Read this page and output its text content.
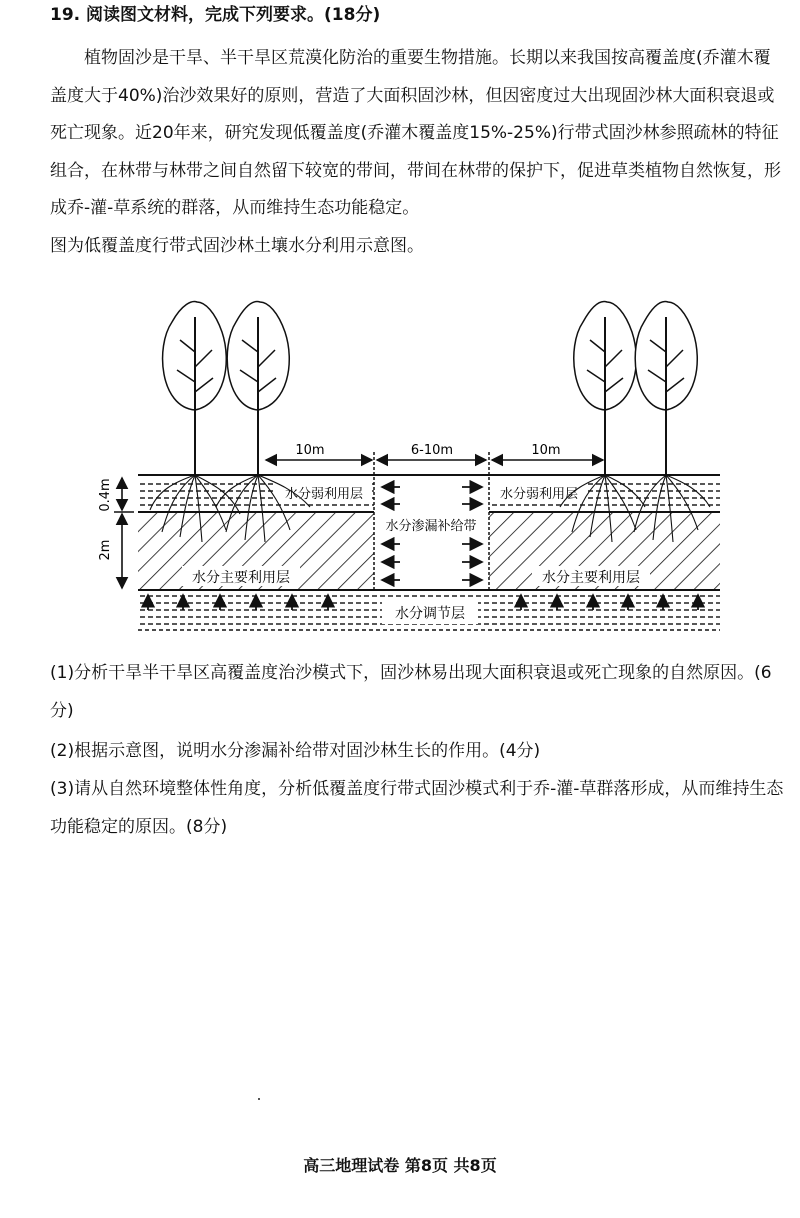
19. 阅读图文材料，完成下列要求。(18分)
植物固沙是干旱、半干旱区荒漠化防治的重要生物措施。长期以来我国按高覆盖度(乔灌木覆盖度大于40%)治沙效果好的原则，营造了大面积固沙林，但因密度过大出现固沙林大面积衰退或死亡现象。近20年来，研究发现低覆盖度(乔灌木覆盖度15%-25%)行带式固沙林参照疏林的特征组合，在林带与林带之间自然留下较宽的带间，带间在林带的保护下，促进草类植物自然恢复，形成乔-灌-草系统的群落，从而维持生态功能稳定。
图为低覆盖度行带式固沙林土壤水分利用示意图。
水分弱利用层	水分弱利用层
水分渗漏补给带
水分主要利用层	水分主要利用层
水分调节层
0.4m
2m
10m	6-10m	10m
(1)分析干旱半干旱区高覆盖度治沙模式下，固沙林易出现大面积衰退或死亡现象的自然原因。(6分)
(2)根据示意图，说明水分渗漏补给带对固沙林生长的作用。(4分)
(3)请从自然环境整体性角度，分析低覆盖度行带式固沙模式利于乔-灌-草群落形成，从而维持生态功能稳定的原因。(8分)
高三地理试卷 第8页 共8页
